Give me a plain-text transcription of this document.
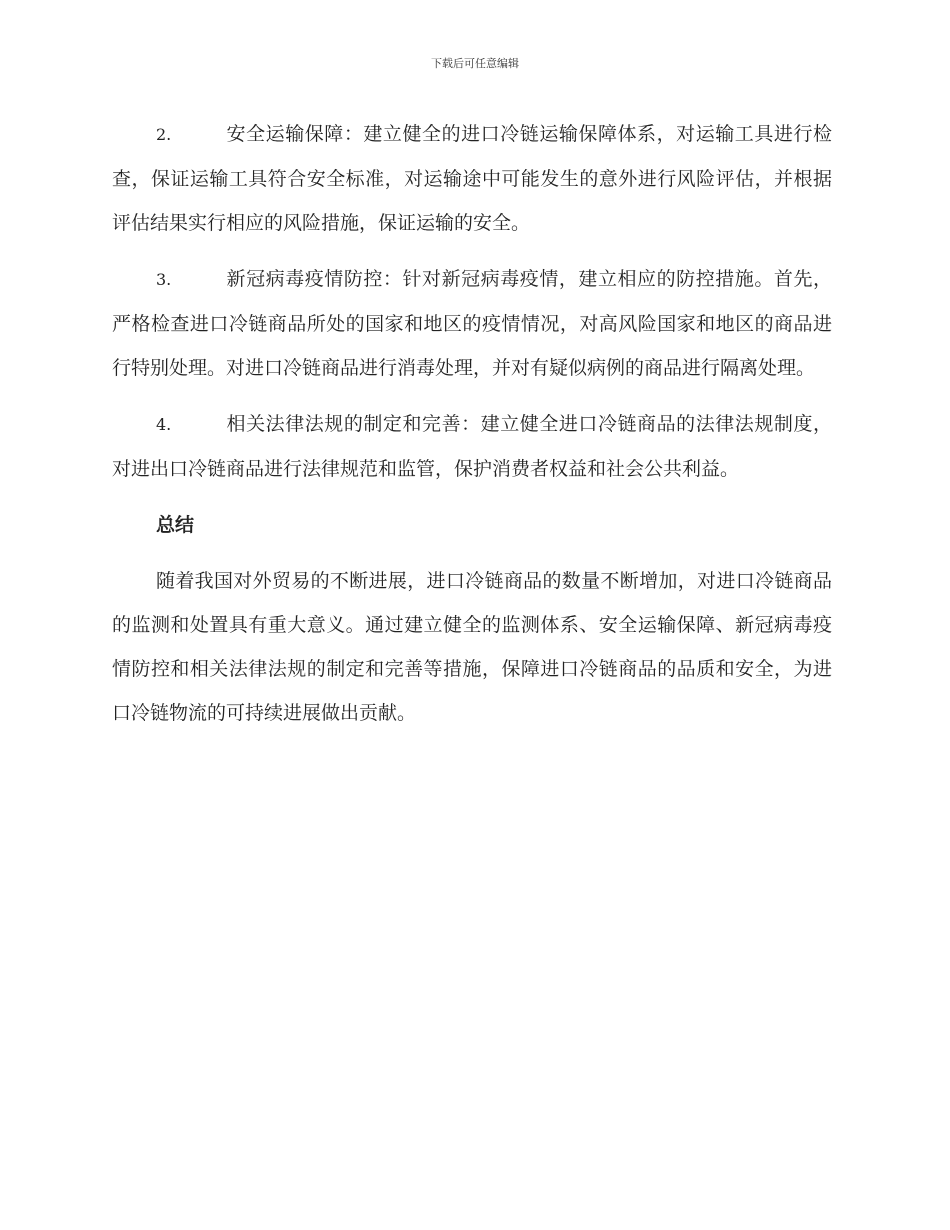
下载后可任意编辑

2.	安全运输保障：建立健全的进口冷链运输保障体系，对运输工具进行检查，保证运输工具符合安全标准，对运输途中可能发生的意外进行风险评估，并根据评估结果实行相应的风险措施，保证运输的安全。

3.	新冠病毒疫情防控：针对新冠病毒疫情，建立相应的防控措施。首先，严格检查进口冷链商品所处的国家和地区的疫情情况，对高风险国家和地区的商品进行特别处理。对进口冷链商品进行消毒处理，并对有疑似病例的商品进行隔离处理。

4.	相关法律法规的制定和完善：建立健全进口冷链商品的法律法规制度，对进出口冷链商品进行法律规范和监管，保护消费者权益和社会公共利益。

总结

随着我国对外贸易的不断进展，进口冷链商品的数量不断增加，对进口冷链商品的监测和处置具有重大意义。通过建立健全的监测体系、安全运输保障、新冠病毒疫情防控和相关法律法规的制定和完善等措施，保障进口冷链商品的品质和安全，为进口冷链物流的可持续进展做出贡献。
